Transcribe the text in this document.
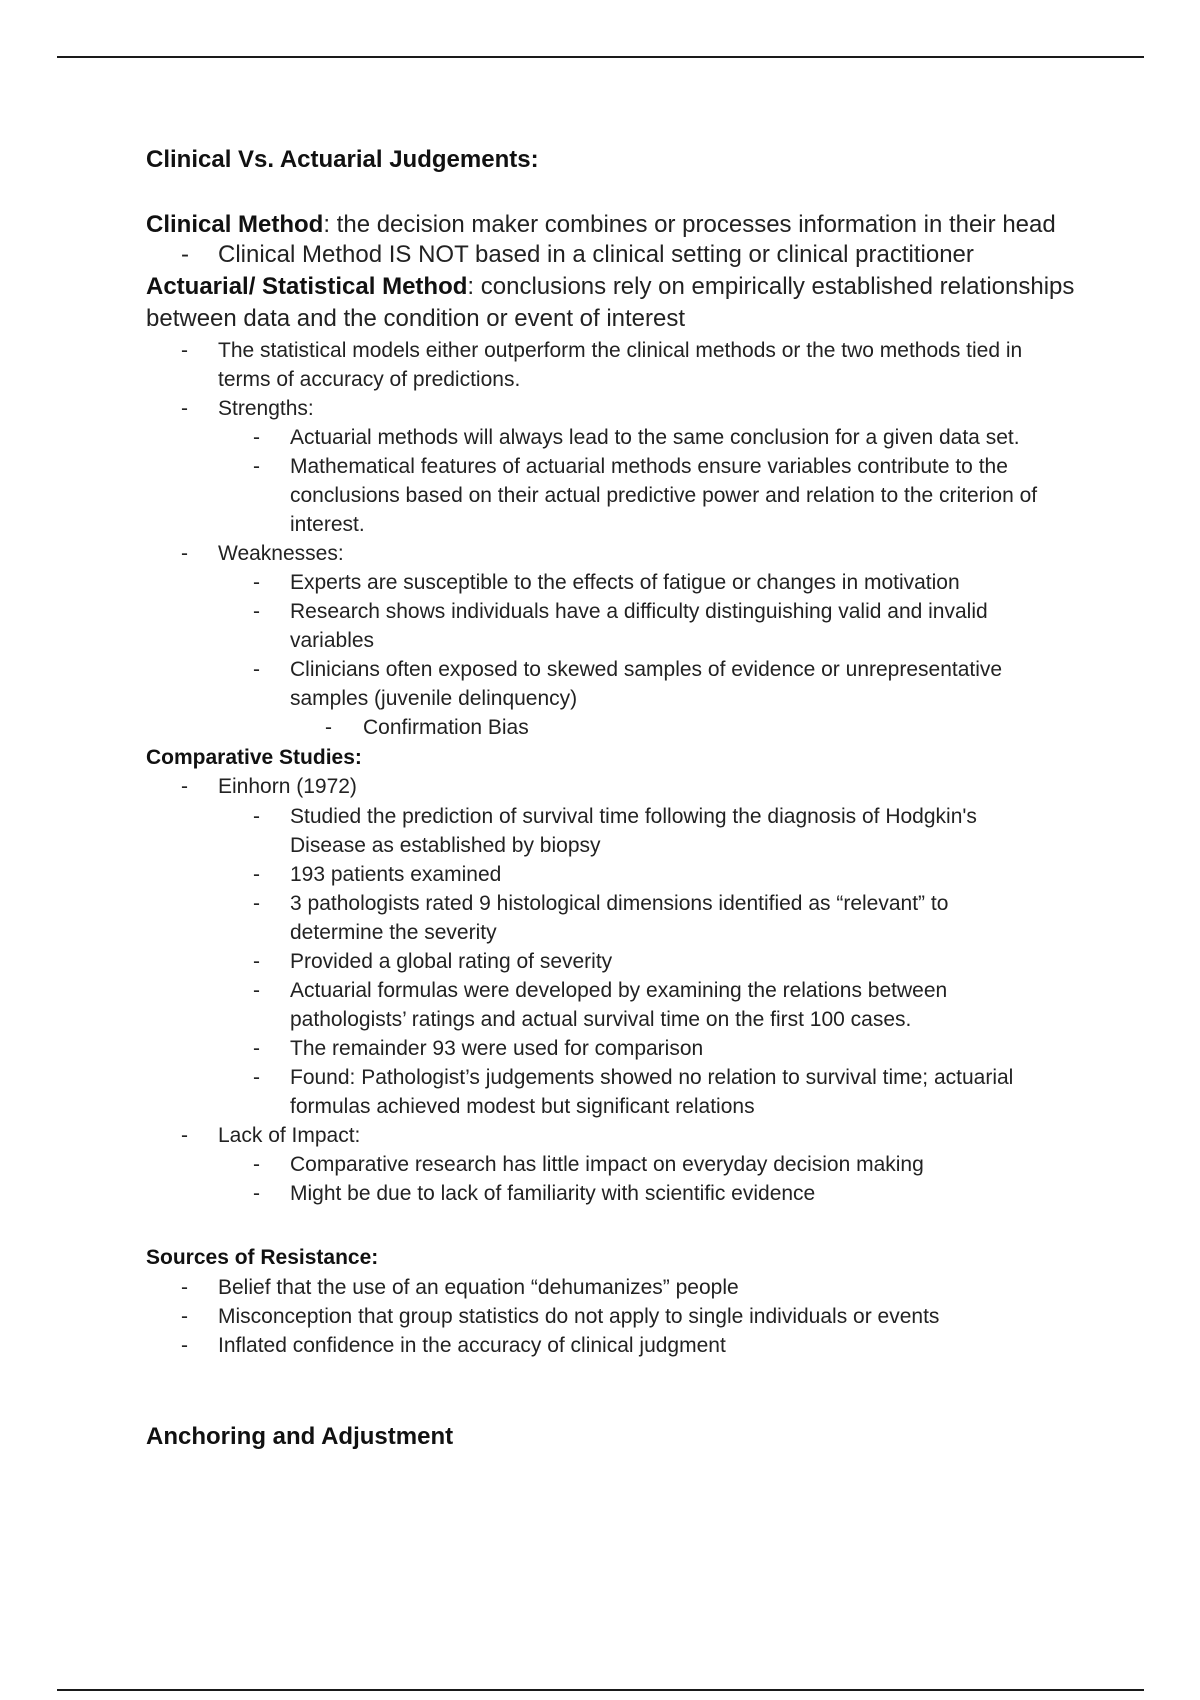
Clinical Vs. Actuarial Judgements:
Clinical Method: the decision maker combines or processes information in their head
- Clinical Method IS NOT based in a clinical setting or clinical practitioner
Actuarial/ Statistical Method: conclusions rely on empirically established relationships
between data and the condition or event of interest
- The statistical models either outperform the clinical methods or the two methods tied in
terms of accuracy of predictions.
- Strengths:
- Actuarial methods will always lead to the same conclusion for a given data set.
- Mathematical features of actuarial methods ensure variables contribute to the
conclusions based on their actual predictive power and relation to the criterion of
interest.
- Weaknesses:
- Experts are susceptible to the effects of fatigue or changes in motivation
- Research shows individuals have a difficulty distinguishing valid and invalid
variables
- Clinicians often exposed to skewed samples of evidence or unrepresentative
samples (juvenile delinquency)
- Confirmation Bias
Comparative Studies:
- Einhorn (1972)
- Studied the prediction of survival time following the diagnosis of Hodgkin's
Disease as established by biopsy
- 193 patients examined
- 3 pathologists rated 9 histological dimensions identified as “relevant” to
determine the severity
- Provided a global rating of severity
- Actuarial formulas were developed by examining the relations between
pathologists’ ratings and actual survival time on the first 100 cases.
- The remainder 93 were used for comparison
- Found: Pathologist’s judgements showed no relation to survival time; actuarial
formulas achieved modest but significant relations
- Lack of Impact:
- Comparative research has little impact on everyday decision making
- Might be due to lack of familiarity with scientific evidence
Sources of Resistance:
- Belief that the use of an equation “dehumanizes” people
- Misconception that group statistics do not apply to single individuals or events
- Inflated confidence in the accuracy of clinical judgment
Anchoring and Adjustment
